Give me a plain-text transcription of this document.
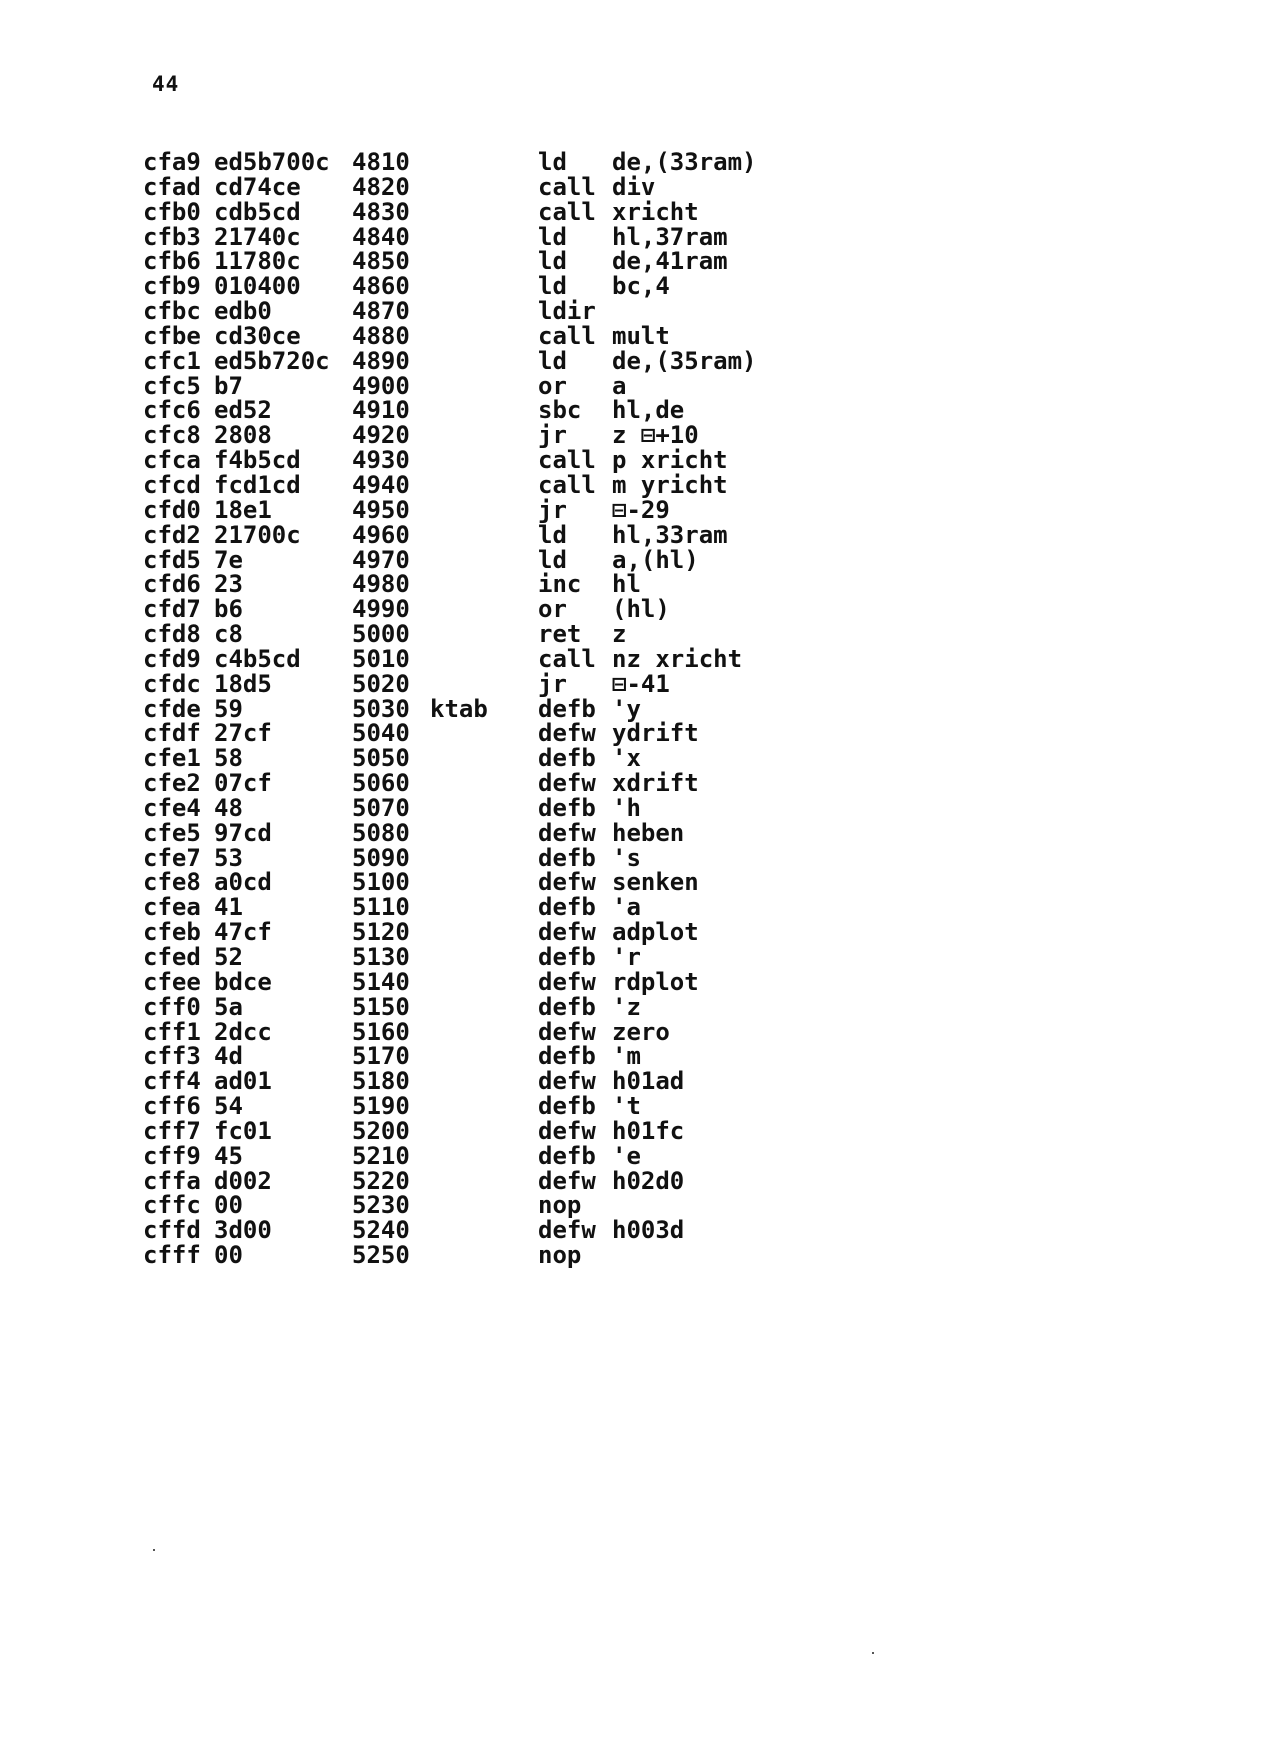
44
cfa9 ed5b700c 4810	ld de,(33ram)
cfad cd74ce 4820	call div
cfb0 cdb5cd 4830	call xricht
cfb3 21740c 4840	ld hl,37ram
cfb6 11780c 4850	ld de,41ram
cfb9 010400 4860	ld bc,4
cfbc edb0	4870	ldir
cfbe cd30ce 4880	call mult
cfc1 ed5b720c 4890	ld de,(35ram)
cfc5 b7	4900	or a
cfc6 ed52	4910	sbc hl,de
cfc8 2808	4920	jr z ⊟+10
cfca f4b5cd 4930	call p xricht
cfcd fcd1cd 4940	call m yricht
cfd0 18e1	4950	jr ⊟-29
cfd2 21700c 4960	ld hl,33ram
cfd5 7e	4970	ld a,(hl)
cfd6 23	4980	inc hl
cfd7 b6	4990	or (hl)
cfd8 c8	5000	ret z
cfd9 c4b5cd 5010	call nz xricht
cfdc 18d5	5020	jr ⊟-41
cfde 59	5030 ktab defb 'y
cfdf 27cf	5040	defw ydrift
cfe1 58	5050	defb 'x
cfe2 07cf	5060	defw xdrift
cfe4 48	5070	defb 'h
cfe5 97cd	5080	defw heben
cfe7 53	5090	defb 's
cfe8 a0cd	5100	defw senken
cfea 41	5110	defb 'a
cfeb 47cf	5120	defw adplot
cfed 52	5130	defb 'r
cfee bdce	5140	defw rdplot
cff0 5a	5150	defb 'z
cff1 2dcc	5160	defw zero
cff3 4d	5170	defb 'm
cff4 ad01	5180	defw h01ad
cff6 54	5190	defb 't
cff7 fc01	5200	defw h01fc
cff9 45	5210	defb 'e
cffa d002	5220	defw h02d0
cffc 00	5230	nop
cffd 3d00	5240	defw h003d
cfff 00	5250	nop
